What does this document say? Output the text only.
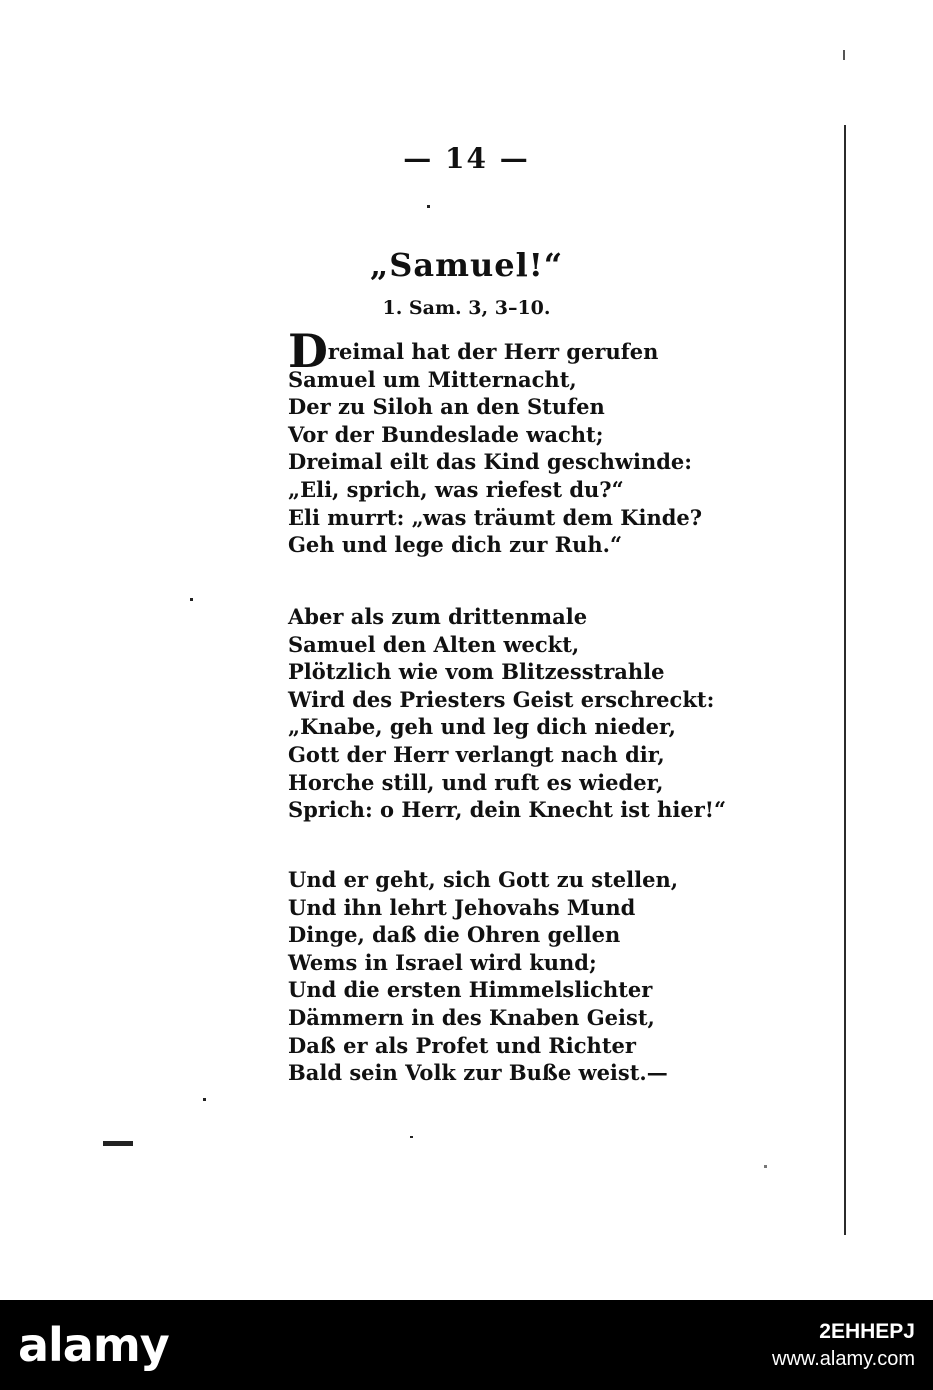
— 14 —
„Samuel!“
1. Sam. 3, 3–10.
Dreimal hat der Herr gerufen
Samuel um Mitternacht,
Der zu Siloh an den Stufen
Vor der Bundeslade wacht;
Dreimal eilt das Kind geschwinde:
„Eli, sprich, was riefest du?“
Eli murrt: „was träumt dem Kinde?
Geh und lege dich zur Ruh.“
Aber als zum drittenmale
Samuel den Alten weckt,
Plötzlich wie vom Blitzesstrahle
Wird des Priesters Geist erschreckt:
„Knabe, geh und leg dich nieder,
Gott der Herr verlangt nach dir,
Horche still, und ruft es wieder,
Sprich: o Herr, dein Knecht ist hier!“
Und er geht, sich Gott zu stellen,
Und ihn lehrt Jehovahs Mund
Dinge, daß die Ohren gellen
Wems in Israel wird kund;
Und die ersten Himmelslichter
Dämmern in des Knaben Geist,
Daß er als Profet und Richter
Bald sein Volk zur Buße weist.—
alamy	2EHHEPJ
www.alamy.com
